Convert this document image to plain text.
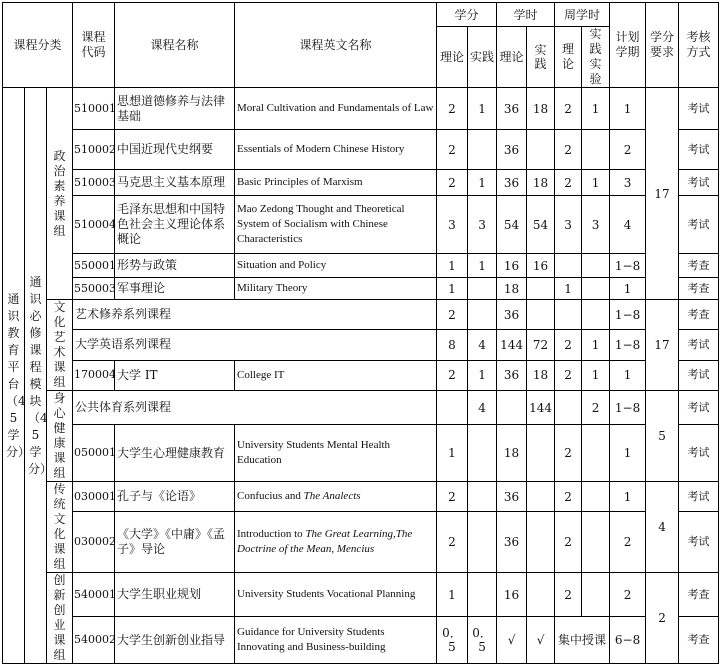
课程分类			课程代码	课程名称	课程英文名称	学分		学时		周学时		计划学期	学分要求	考核方式
						理论	实践	理论	实践	理论	实践实验			
通识教育平台（45学分）	通识必修课程模块（45学分）	政治素养课组	510001	思想道德修养与法律基础	Moral Cultivation and Fundamentals of Law	2	1	36	18	2	1	1	17	考试
			510002	中国近现代史纲要	Essentials of Modern Chinese History	2		36		2		2		考试
			510003	马克思主义基本原理	Basic Principles of Marxism	2	1	36	18	2	1	3		考试
			510004	毛泽东思想和中国特色社会主义理论体系概论	Mao Zedong Thought and Theoretical System of Socialism with Chinese Characteristics	3	3	54	54	3	3	4		考试
			550001	形势与政策	Situation and Policy	1	1	16	16			1−8		考查
			550003	军事理论	Military Theory	1		18		1		1		考查
		文化艺术课组	艺术修养系列课程			2		36				1−8	17	考查
			大学英语系列课程			8	4	144	72	2	1	1−8		考试
			170004	大学 IT	College IT	2	1	36	18	2	1	1		考试
		身心健康课组	公共体育系列课程				4		144		2	1−8	5	考试
			050001	大学生心理健康教育	University Students Mental Health Education	1		18		2		1		考试
		传统文化课组	030001	孔子与《论语》	Confucius and The Analects	2		36		2		1	4	考试
			030002	《大学》《中庸》《孟子》导论	Introduction to The Great Learning,The Doctrine of the Mean, Mencius	2		36		2		2		考试
		创新创业课组	540001	大学生职业规划	University Students Vocational Planning	1		16		2		2	2	考查
			540002	大学生创新创业指导	Guidance for University Students Innovating and Business-building	0．5	0．5	√	√	集中授课		6−8		考查
